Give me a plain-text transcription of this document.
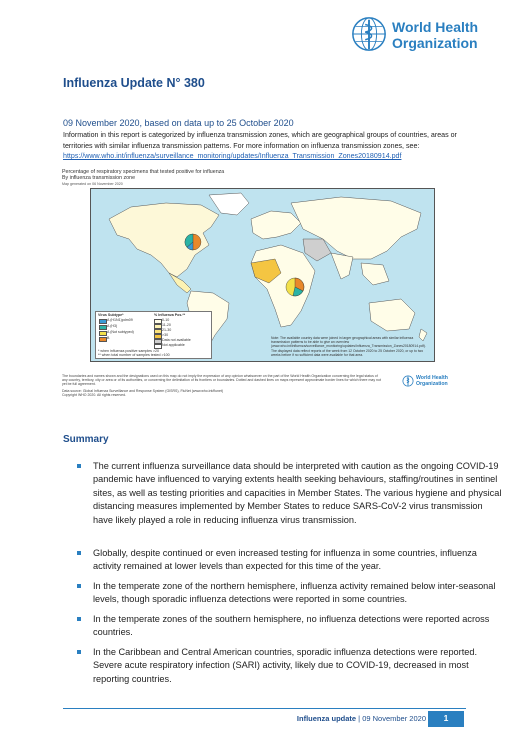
World Health
Organization
Influenza Update N° 380
09 November 2020, based on data up to 25 October 2020
Information in this report is categorized by influenza transmission zones, which are geographical groups of countries, areas or territories with similar influenza transmission patterns. For more information on influenza transmission zones, see: https://www.who.int/influenza/surveillance_monitoring/updates/Influenza_Transmission_Zones20180914.pdf
Percentage of respiratory specimens that tested positive for influenza
By influenza transmission zone
Map generated on 06 November 2020
Virus Subtype*
A (H1N1)pdm09
A (H3)
A (Not subtyped)
B
% Influenza Pos.**
0-10
11-20
21-30
>30
Data not available
Not applicable
* when influenza positive samples >20
** when total number of samples tested >100
Note: The available country data were joined in larger geographical areas with similar influenza transmission patterns to be able to give an overview (www.who.int/influenza/surveillance_monitoring/updates/Influenza_Transmission_Zones20180914.pdf). The displayed data reflect reports of the week from 12 October 2020 to 25 October 2020, or up to two weeks before if no sufficient data were available for that area.
The boundaries and names shown and the designations used on this map do not imply the expression of any opinion whatsoever on the part of the World Health Organization concerning the legal status of any country, territory, city or area or of its authorities, or concerning the delimitation of its frontiers or boundaries. Dotted and dashed lines on maps represent approximate border lines for which there may not yet be full agreement.
Data source: Global Influenza Surveillance and Response System (GISRS), FluNet (www.who.int/flunet)
Copyright WHO 2020. All rights reserved.
World Health
Organization
Summary
The current influenza surveillance data should be interpreted with caution as the ongoing COVID-19 pandemic have influenced to varying extents health seeking behaviours, staffing/routines in sentinel sites, as well as testing priorities and capacities in Member States. The various hygiene and physical distancing measures implemented by Member States to reduce SARS-CoV-2 virus transmission have likely played a role in reducing influenza virus transmission.
Globally, despite continued or even increased testing for influenza in some countries, influenza activity remained at lower levels than expected for this time of the year.
In the temperate zone of the northern hemisphere, influenza activity remained below inter-seasonal levels, though sporadic influenza detections were reported in some countries.
In the temperate zones of the southern hemisphere, no influenza detections were reported across countries.
In the Caribbean and Central American countries, sporadic influenza detections were reported. Severe acute respiratory infection (SARI) activity, likely due to COVID-19, decreased in most reporting countries.
Influenza update | 09 November 2020	1
